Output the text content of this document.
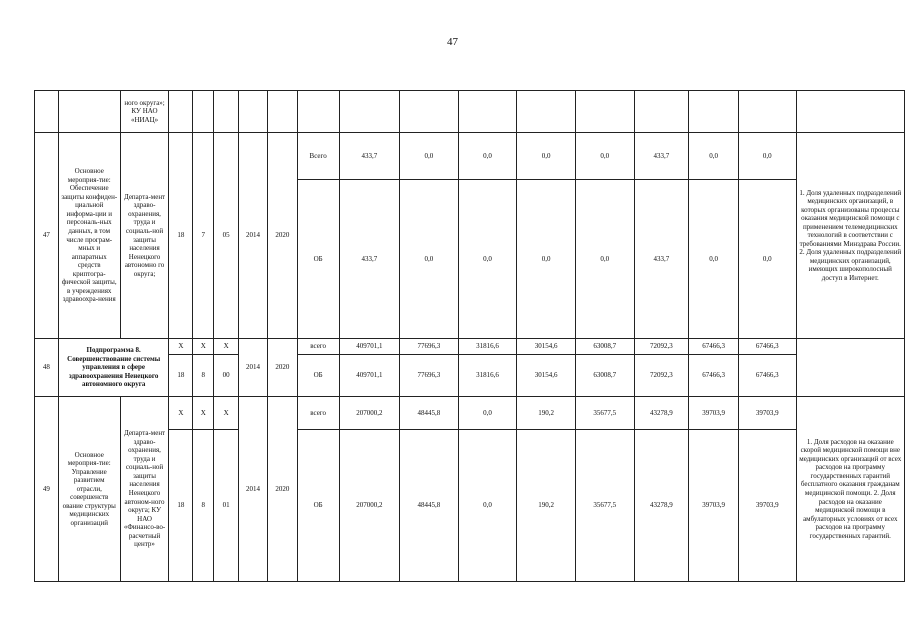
47
		ного округа»; КУ НАО «НИАЦ»															
47	Основное мероприя-тие: Обеспечение защиты конфиден-циальной информа-ции и персональ-ных данных, в том числе програм-мных и аппаратных средств криптогра-фической защиты, в учреждениях здравоохра-нения	Департа-мент здраво-охранения, труда и социаль-ной защиты населения Ненецкого автономно го округа;	18	7	05	2014	2020	Всего	433,7	0,0	0,0	0,0	0,0	433,7	0,0	0,0	1. Доля удаленных подразделений медицинских организаций, в которых организованы процессы оказания медицинской помощи с применением телемедицинских технологий в соответствии с требованиями Минздрава России. 2. Доля удаленных подразделений медицинских организаций, имеющих широкополосный доступ в Интернет.
								ОБ	433,7	0,0	0,0	0,0	0,0	433,7	0,0	0,0	
48	Подпрограмма 8. Совершенствование системы управления в сфере здравоохранения Ненецкого автономного округа		Х	Х	Х	2014	2020	всего	409701,1	77696,3	31816,6	30154,6	63008,7	72092,3	67466,3	67466,3	
			18	8	00			ОБ	409701,1	77696,3	31816,6	30154,6	63008,7	72092,3	67466,3	67466,3	
49	Основное мероприя-тие: Управление развитием отрасли, совершенств ование структуры медицинских организаций	Департа-мент здраво-охранения, труда и социаль-ной защиты населения Ненецкого автоном-ного округа; КУ НАО «Финансо-во-расчетный центр»	Х	Х	Х	2014	2020	всего	207000,2	48445,8	0,0	190,2	35677,5	43278,9	39703,9	39703,9	1. Доля расходов на оказание скорой медицинской помощи вне медицинских организаций от всех расходов на программу государственных гарантий бесплатного оказания гражданам медицинской помощи. 2. Доля расходов на оказание медицинской помощи в амбулаторных условиях от всех расходов на программу государственных гарантий.
			18	8	01			ОБ	207000,2	48445,8	0,0	190,2	35677,5	43278,9	39703,9	39703,9	
